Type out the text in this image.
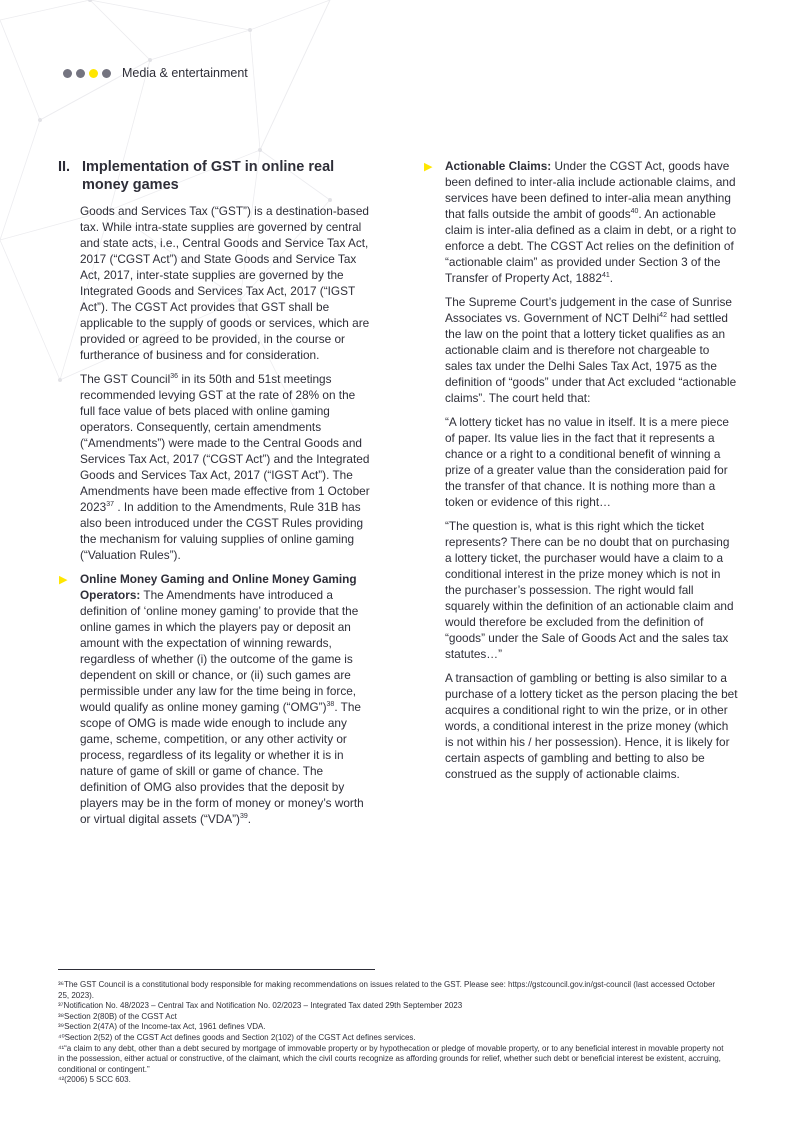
Media & entertainment
II. Implementation of GST in online real money games

Goods and Services Tax (“GST”) is a destination-based tax. While intra-state supplies are governed by central and state acts, i.e., Central Goods and Service Tax Act, 2017 (“CGST Act”) and State Goods and Service Tax Act, 2017, inter-state supplies are governed by the Integrated Goods and Services Tax Act, 2017 (“IGST Act”). The CGST Act provides that GST shall be applicable to the supply of goods or services, which are provided or agreed to be provided, in the course or furtherance of business and for consideration.

The GST Council$^{36}$ in its 50th and 51st meetings recommended levying GST at the rate of 28% on the full face value of bets placed with online gaming operators. Consequently, certain amendments (“Amendments”) were made to the Central Goods and Services Tax Act, 2017 (“CGST Act”) and the Integrated Goods and Services Tax Act, 2017 (“IGST Act”). The Amendments have been made effective from 1 October 2023$^{37}$ . In addition to the Amendments, Rule 31B has also been introduced under the CGST Rules providing the mechanism for valuing supplies of online gaming (“Valuation Rules”).

▶ Online Money Gaming and Online Money Gaming Operators: The Amendments have introduced a definition of ‘online money gaming’ to provide that the online games in which the players pay or deposit an amount with the expectation of winning rewards, regardless of whether (i) the outcome of the game is dependent on skill or chance, or (ii) such games are permissible under any law for the time being in force, would qualify as online money gaming (“OMG”)$^{38}$. The scope of OMG is made wide enough to include any game, scheme, competition, or any other activity or process, regardless of its legality or whether it is in nature of game of skill or game of chance. The definition of OMG also provides that the deposit by players may be in the form of money or money’s worth or virtual digital assets (“VDA”)$^{39}$.
▶ Actionable Claims: Under the CGST Act, goods have been defined to inter-alia include actionable claims, and services have been defined to inter-alia mean anything that falls outside the ambit of goods$^{40}$. An actionable claim is inter-alia defined as a claim in debt, or a right to enforce a debt. The CGST Act relies on the definition of “actionable claim” as provided under Section 3 of the Transfer of Property Act, 1882$^{41}$.

The Supreme Court’s judgement in the case of Sunrise Associates vs. Government of NCT Delhi$^{42}$ had settled the law on the point that a lottery ticket qualifies as an actionable claim and is therefore not chargeable to sales tax under the Delhi Sales Tax Act, 1975 as the definition of “goods” under that Act excluded “actionable claims”. The court held that:

“A lottery ticket has no value in itself. It is a mere piece of paper. Its value lies in the fact that it represents a chance or a right to a conditional benefit of winning a prize of a greater value than the consideration paid for the transfer of that chance. It is nothing more than a token or evidence of this right…

“The question is, what is this right which the ticket represents? There can be no doubt that on purchasing a lottery ticket, the purchaser would have a claim to a conditional interest in the prize money which is not in the purchaser’s possession. The right would fall squarely within the definition of an actionable claim and would therefore be excluded from the definition of “goods” under the Sale of Goods Act and the sales tax statutes…”

A transaction of gambling or betting is also similar to a purchase of a lottery ticket as the person placing the bet acquires a conditional right to win the prize, or in other words, a conditional interest in the prize money (which is not within his / her possession). Hence, it is likely for certain aspects of gambling and betting to also be construed as the supply of actionable claims.

³⁶The GST Council is a constitutional body responsible for making recommendations on issues related to the GST. Please see: https://gstcouncil.gov.in/gst-council (last accessed October 25, 2023).

³⁷Notification No. 48/2023 – Central Tax and Notification No. 02/2023 – Integrated Tax dated 29th September 2023

³⁸Section 2(80B) of the CGST Act

³⁹Section 2(47A) of the Income-tax Act, 1961 defines VDA.

⁴⁰Section 2(52) of the CGST Act defines goods and Section 2(102) of the CGST Act defines services.

⁴¹“a claim to any debt, other than a debt secured by mortgage of immovable property or by hypothecation or pledge of movable property, or to any beneficial interest in movable property not in the possession, either actual or constructive, of the claimant, which the civil courts recognize as affording grounds for relief, whether such debt or beneficial interest be existent, accruing, conditional or contingent.”

⁴²(2006) 5 SCC 603.
